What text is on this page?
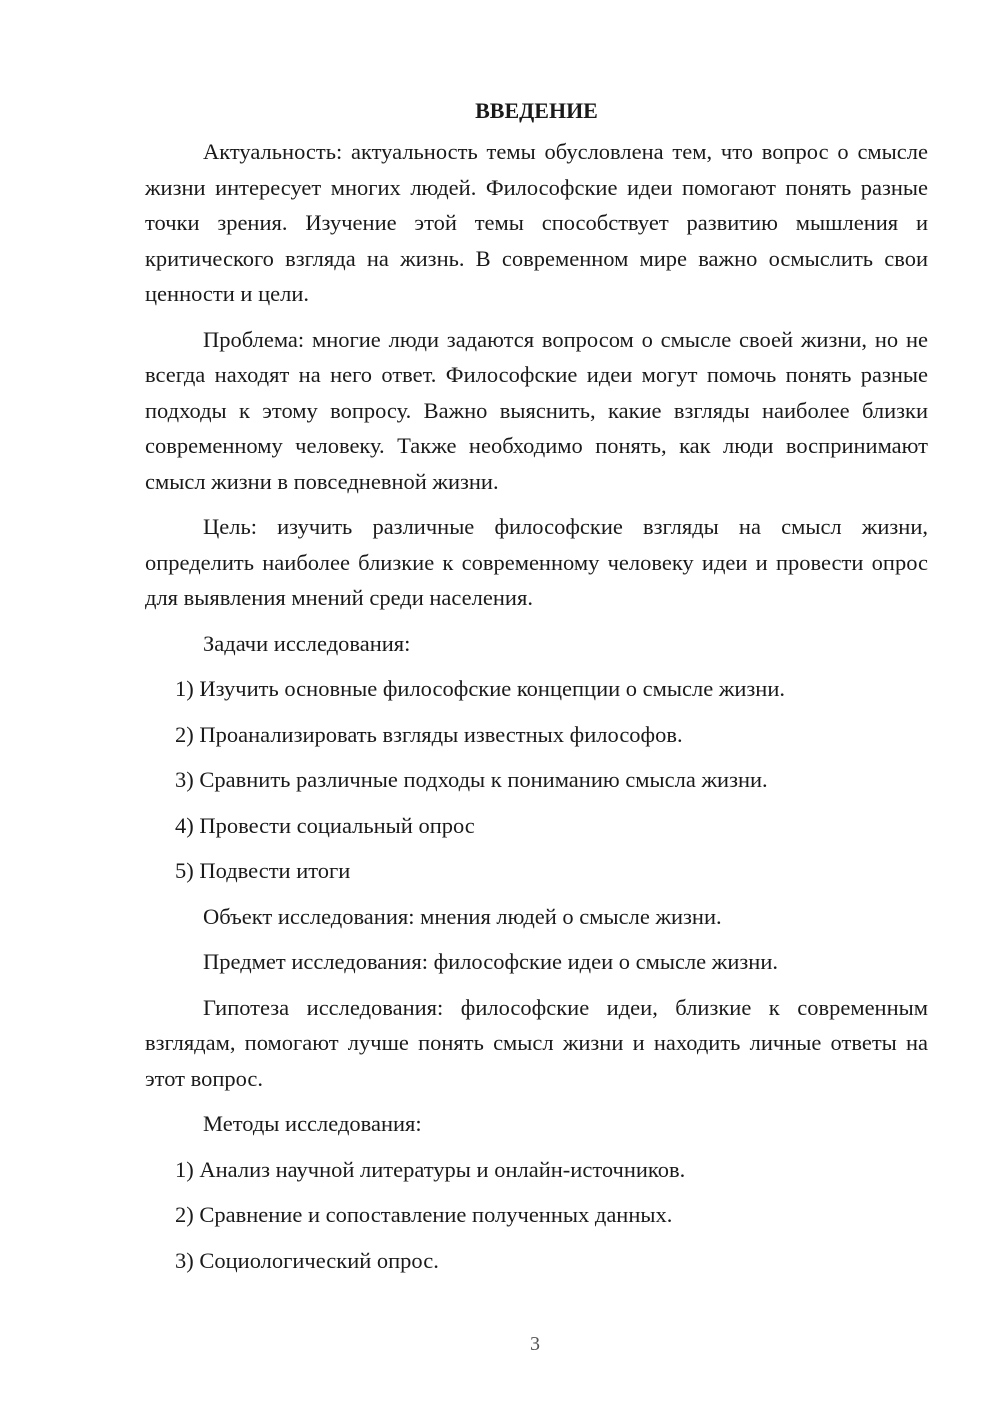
ВВЕДЕНИЕ

Актуальность: актуальность темы обусловлена тем, что вопрос о смысле жизни интересует многих людей. Философские идеи помогают понять разные точки зрения. Изучение этой темы способствует развитию мышления и критического взгляда на жизнь. В современном мире важно осмыслить свои ценности и цели.

Проблема: многие люди задаются вопросом о смысле своей жизни, но не всегда находят на него ответ. Философские идеи могут помочь понять разные подходы к этому вопросу. Важно выяснить, какие взгляды наиболее близки современному человеку. Также необходимо понять, как люди воспринимают смысл жизни в повседневной жизни.

Цель: изучить различные философские взгляды на смысл жизни, определить наиболее близкие к современному человеку идеи и провести опрос для выявления мнений среди населения.

Задачи исследования:
1) Изучить основные философские концепции о смысле жизни.
2) Проанализировать взгляды известных философов.
3) Сравнить различные подходы к пониманию смысла жизни.
4) Провести социальный опрос
5) Подвести итоги
Объект исследования: мнения людей о смысле жизни.
Предмет исследования: философские идеи о смысле жизни.

Гипотеза исследования: философские идеи, близкие к современным взглядам, помогают лучше понять смысл жизни и находить личные ответы на этот вопрос.

Методы исследования:
1) Анализ научной литературы и онлайн-источников.
2) Сравнение и сопоставление полученных данных.
3) Социологический опрос.
3
